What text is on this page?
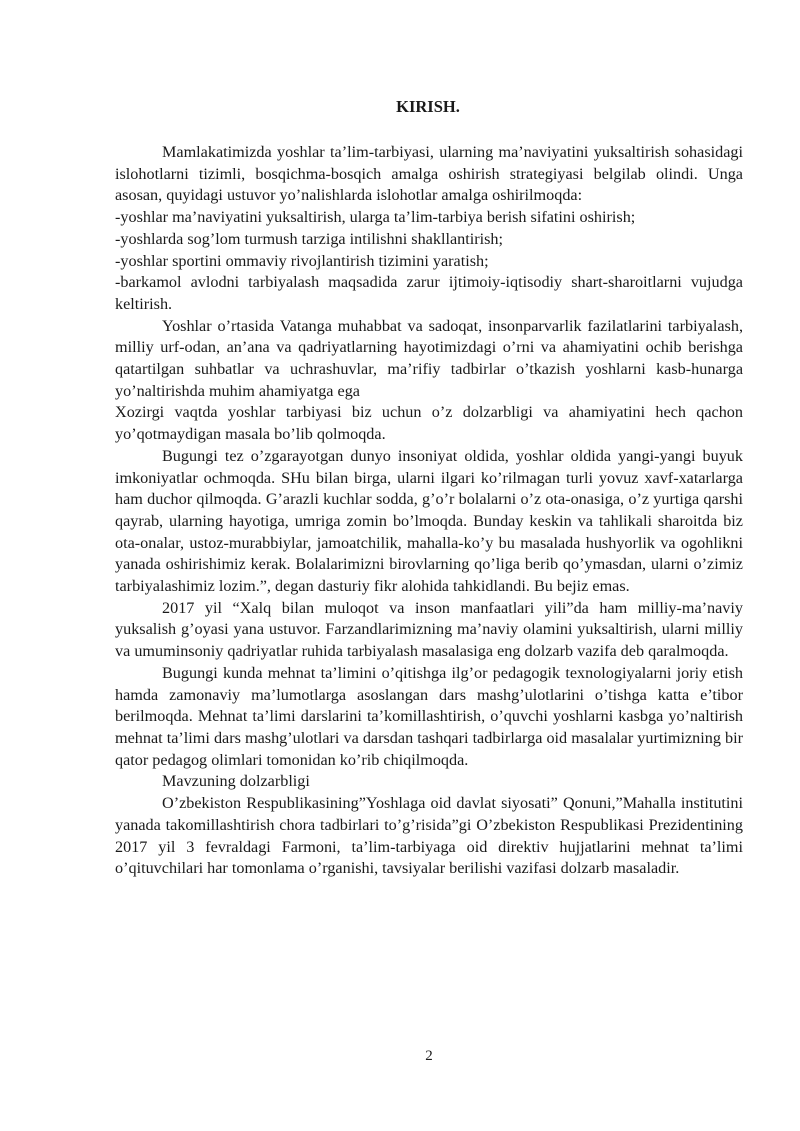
KIRISH.

Mamlakatimizda yoshlar ta’lim-tarbiyasi, ularning ma’naviyatini yuksaltirish sohasidagi islohotlarni tizimli, bosqichma-bosqich amalga oshirish strategiyasi belgilab olindi. Unga asosan, quyidagi ustuvor yo’nalishlarda islohotlar amalga oshirilmoqda:

-yoshlar ma’naviyatini yuksaltirish, ularga ta’lim-tarbiya berish sifatini oshirish;

-yoshlarda sog’lom turmush tarziga intilishni shakllantirish;

-yoshlar sportini ommaviy rivojlantirish tizimini yaratish;

-barkamol avlodni tarbiyalash maqsadida zarur ijtimoiy-iqtisodiy shart-sharoitlarni vujudga keltirish.

Yoshlar o’rtasida Vatanga muhabbat va sadoqat, insonparvarlik fazilatlarini tarbiyalash, milliy urf-odan, an’ana va qadriyatlarning hayotimizdagi o’rni va ahamiyatini ochib berishga qatartilgan suhbatlar va uchrashuvlar, ma’rifiy tadbirlar o’tkazish yoshlarni kasb-hunarga yo’naltirishda muhim ahamiyatga ega

Xozirgi vaqtda yoshlar tarbiyasi biz uchun o’z dolzarbligi va ahamiyatini hech qachon yo’qotmaydigan masala bo’lib qolmoqda.

Bugungi tez o’zgarayotgan dunyo insoniyat oldida, yoshlar oldida yangi-yangi buyuk imkoniyatlar ochmoqda. SHu bilan birga, ularni ilgari ko’rilmagan turli yovuz xavf-xatarlarga ham duchor qilmoqda. G’arazli kuchlar sodda, g’o’r bolalarni o’z ota-onasiga, o’z yurtiga qarshi qayrab, ularning hayotiga, umriga zomin bo’lmoqda. Bunday keskin va tahlikali sharoitda biz ota-onalar, ustoz-murabbiylar, jamoatchilik, mahalla-ko’y bu masalada hushyorlik va ogohlikni yanada oshirishimiz kerak. Bolalarimizni birovlarning qo’liga berib qo’ymasdan, ularni o’zimiz tarbiyalashimiz lozim.”, degan dasturiy fikr alohida tahkidlandi. Bu bejiz emas.

2017 yil “Xalq bilan muloqot va inson manfaatlari yili”da ham milliy-ma’naviy yuksalish g’oyasi yana ustuvor. Farzandlarimizning ma’naviy olamini yuksaltirish, ularni milliy va umuminsoniy qadriyatlar ruhida tarbiyalash masalasiga eng dolzarb vazifa deb qaralmoqda.

Bugungi kunda mehnat ta’limini o’qitishga ilg’or pedagogik texnologiyalarni joriy etish hamda zamonaviy ma’lumotlarga asoslangan dars mashg’ulotlarini o’tishga katta e’tibor berilmoqda. Mehnat ta’limi darslarini ta’komillashtirish, o’quvchi yoshlarni kasbga yo’naltirish mehnat ta’limi dars mashg’ulotlari va darsdan tashqari tadbirlarga oid masalalar yurtimizning bir qator pedagog olimlari tomonidan ko’rib chiqilmoqda.

Mavzuning dolzarbligi

O’zbekiston Respublikasining”Yoshlaga oid davlat siyosati” Qonuni,”Mahalla institutini yanada takomillashtirish chora tadbirlari to’g’risida”gi O’zbekiston Respublikasi Prezidentining 2017 yil 3 fevraldagi Farmoni, ta’lim-tarbiyaga oid direktiv hujjatlarini mehnat ta’limi o’qituvchilari har tomonlama o’rganishi, tavsiyalar berilishi vazifasi dolzarb masaladir.

2
